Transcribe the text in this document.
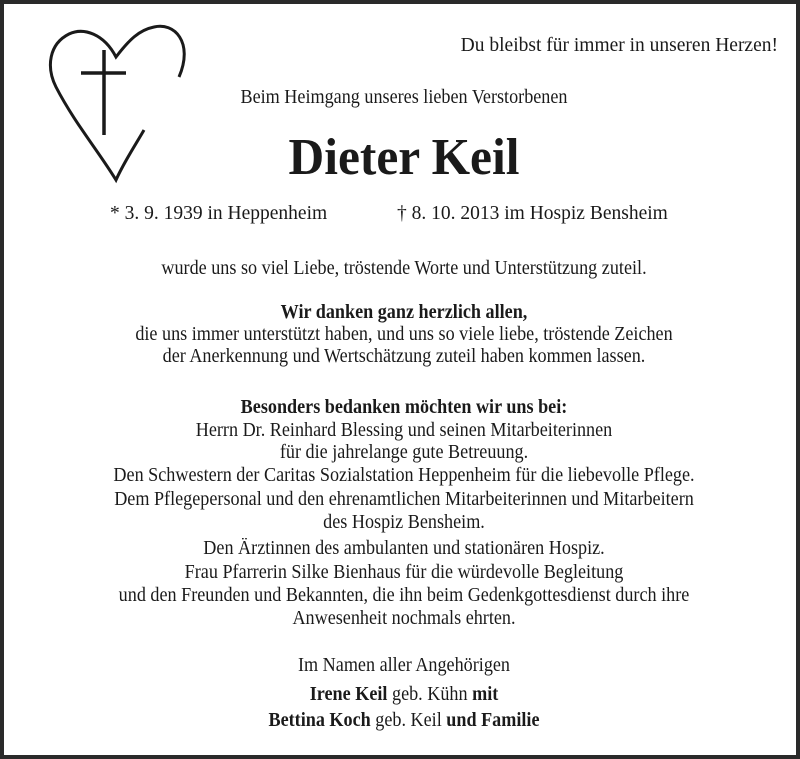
Du bleibst für immer in unseren Herzen!
Beim Heimgang unseres lieben Verstorbenen
Dieter Keil
* 3. 9. 1939 in Heppenheim	† 8. 10. 2013 im Hospiz Bensheim
wurde uns so viel Liebe, tröstende Worte und Unterstützung zuteil.
Wir danken ganz herzlich allen,
die uns immer unterstützt haben, und uns so viele liebe, tröstende Zeichen
der Anerkennung und Wertschätzung zuteil haben kommen lassen.
Besonders bedanken möchten wir uns bei:
Herrn Dr. Reinhard Blessing und seinen Mitarbeiterinnen
für die jahrelange gute Betreuung.
Den Schwestern der Caritas Sozialstation Heppenheim für die liebevolle Pflege.
Dem Pflegepersonal und den ehrenamtlichen Mitarbeiterinnen und Mitarbeitern
des Hospiz Bensheim.
Den Ärztinnen des ambulanten und stationären Hospiz.
Frau Pfarrerin Silke Bienhaus für die würdevolle Begleitung
und den Freunden und Bekannten, die ihn beim Gedenkgottesdienst durch ihre
Anwesenheit nochmals ehrten.
Im Namen aller Angehörigen
Irene Keil geb. Kühn mit
Bettina Koch geb. Keil und Familie
